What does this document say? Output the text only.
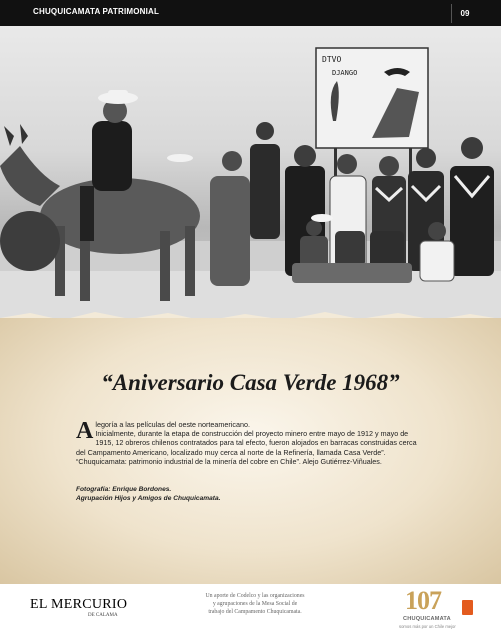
CHUQUICAMATA PATRIMONIAL	09
DTVO
DJANGO
“Aniversario Casa Verde 1968”
A legoría a las películas del oeste norteamericano.

Inicialmente, durante la etapa de construcción del proyecto minero entre mayo de 1912 y mayo de 1915, 12 obreros chilenos contratados para tal efecto, fueron alojados en barracas construidas cerca del Campamento Americano, localizado muy cerca al norte de la Refinería, llamada Casa Verde”.

“Chuquicamata: patrimonio industrial de la minería del cobre en Chile”. Alejo Gutiérrez-Viñuales.

Fotografía: Enrique Bordones.

Agrupación Hijos y Amigos de Chuquicamata.

EL MERCURIO
DE CALAMA
Un aporte de Codelco y las organizaciones
y agrupaciones de la Mesa Social de
trabajo del Campamento Chuquicamata.	107
CHUQUICAMATA
somos más por un Chile mejor
